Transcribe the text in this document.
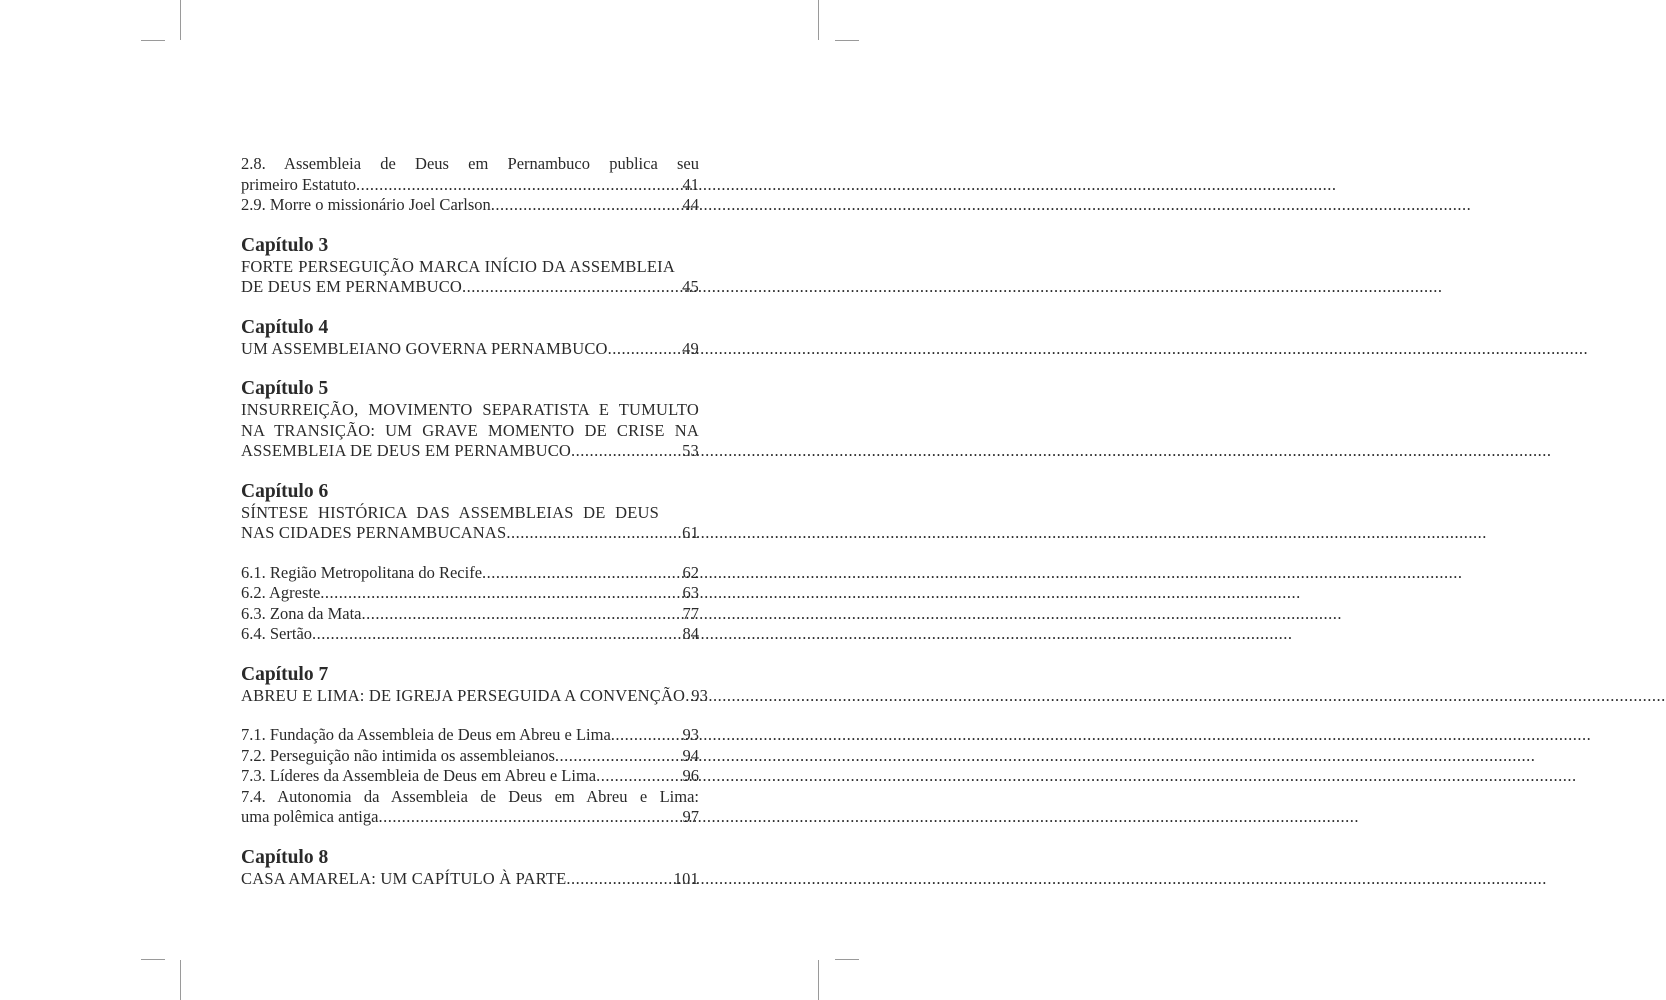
2.8. Assembleia de Deus em Pernambuco publica seu
primeiro Estatuto .....	41
2.9. Morre o missionário Joel Carlson .....	44
Capítulo 3
FORTE PERSEGUIÇÃO MARCA INÍCIO DA ASSEMBLEIA
DE DEUS EM PERNAMBUCO .....	45
Capítulo 4
UM ASSEMBLEIANO GOVERNA PERNAMBUCO .....	49
Capítulo 5
INSURREIÇÃO, MOVIMENTO SEPARATISTA E TUMULTO
NA TRANSIÇÃO: UM GRAVE MOMENTO DE CRISE NA
ASSEMBLEIA DE DEUS EM PERNAMBUCO .....	53
Capítulo 6
SÍNTESE HISTÓRICA DAS ASSEMBLEIAS DE DEUS
NAS CIDADES PERNAMBUCANAS .....	61
6.1. Região Metropolitana do Recife .....	62
6.2. Agreste .....	63
6.3. Zona da Mata .....	77
6.4. Sertão .....	84
Capítulo 7
ABREU E LIMA: DE IGREJA PERSEGUIDA A CONVENÇÃO ..... 93
7.1. Fundação da Assembleia de Deus em Abreu e Lima .....	93
7.2. Perseguição não intimida os assembleianos .....	94
7.3. Líderes da Assembleia de Deus em Abreu e Lima .....	96
7.4. Autonomia da Assembleia de Deus em Abreu e Lima:
uma polêmica antiga .....	97
Capítulo 8
CASA AMARELA: UM CAPÍTULO À PARTE .....	101
